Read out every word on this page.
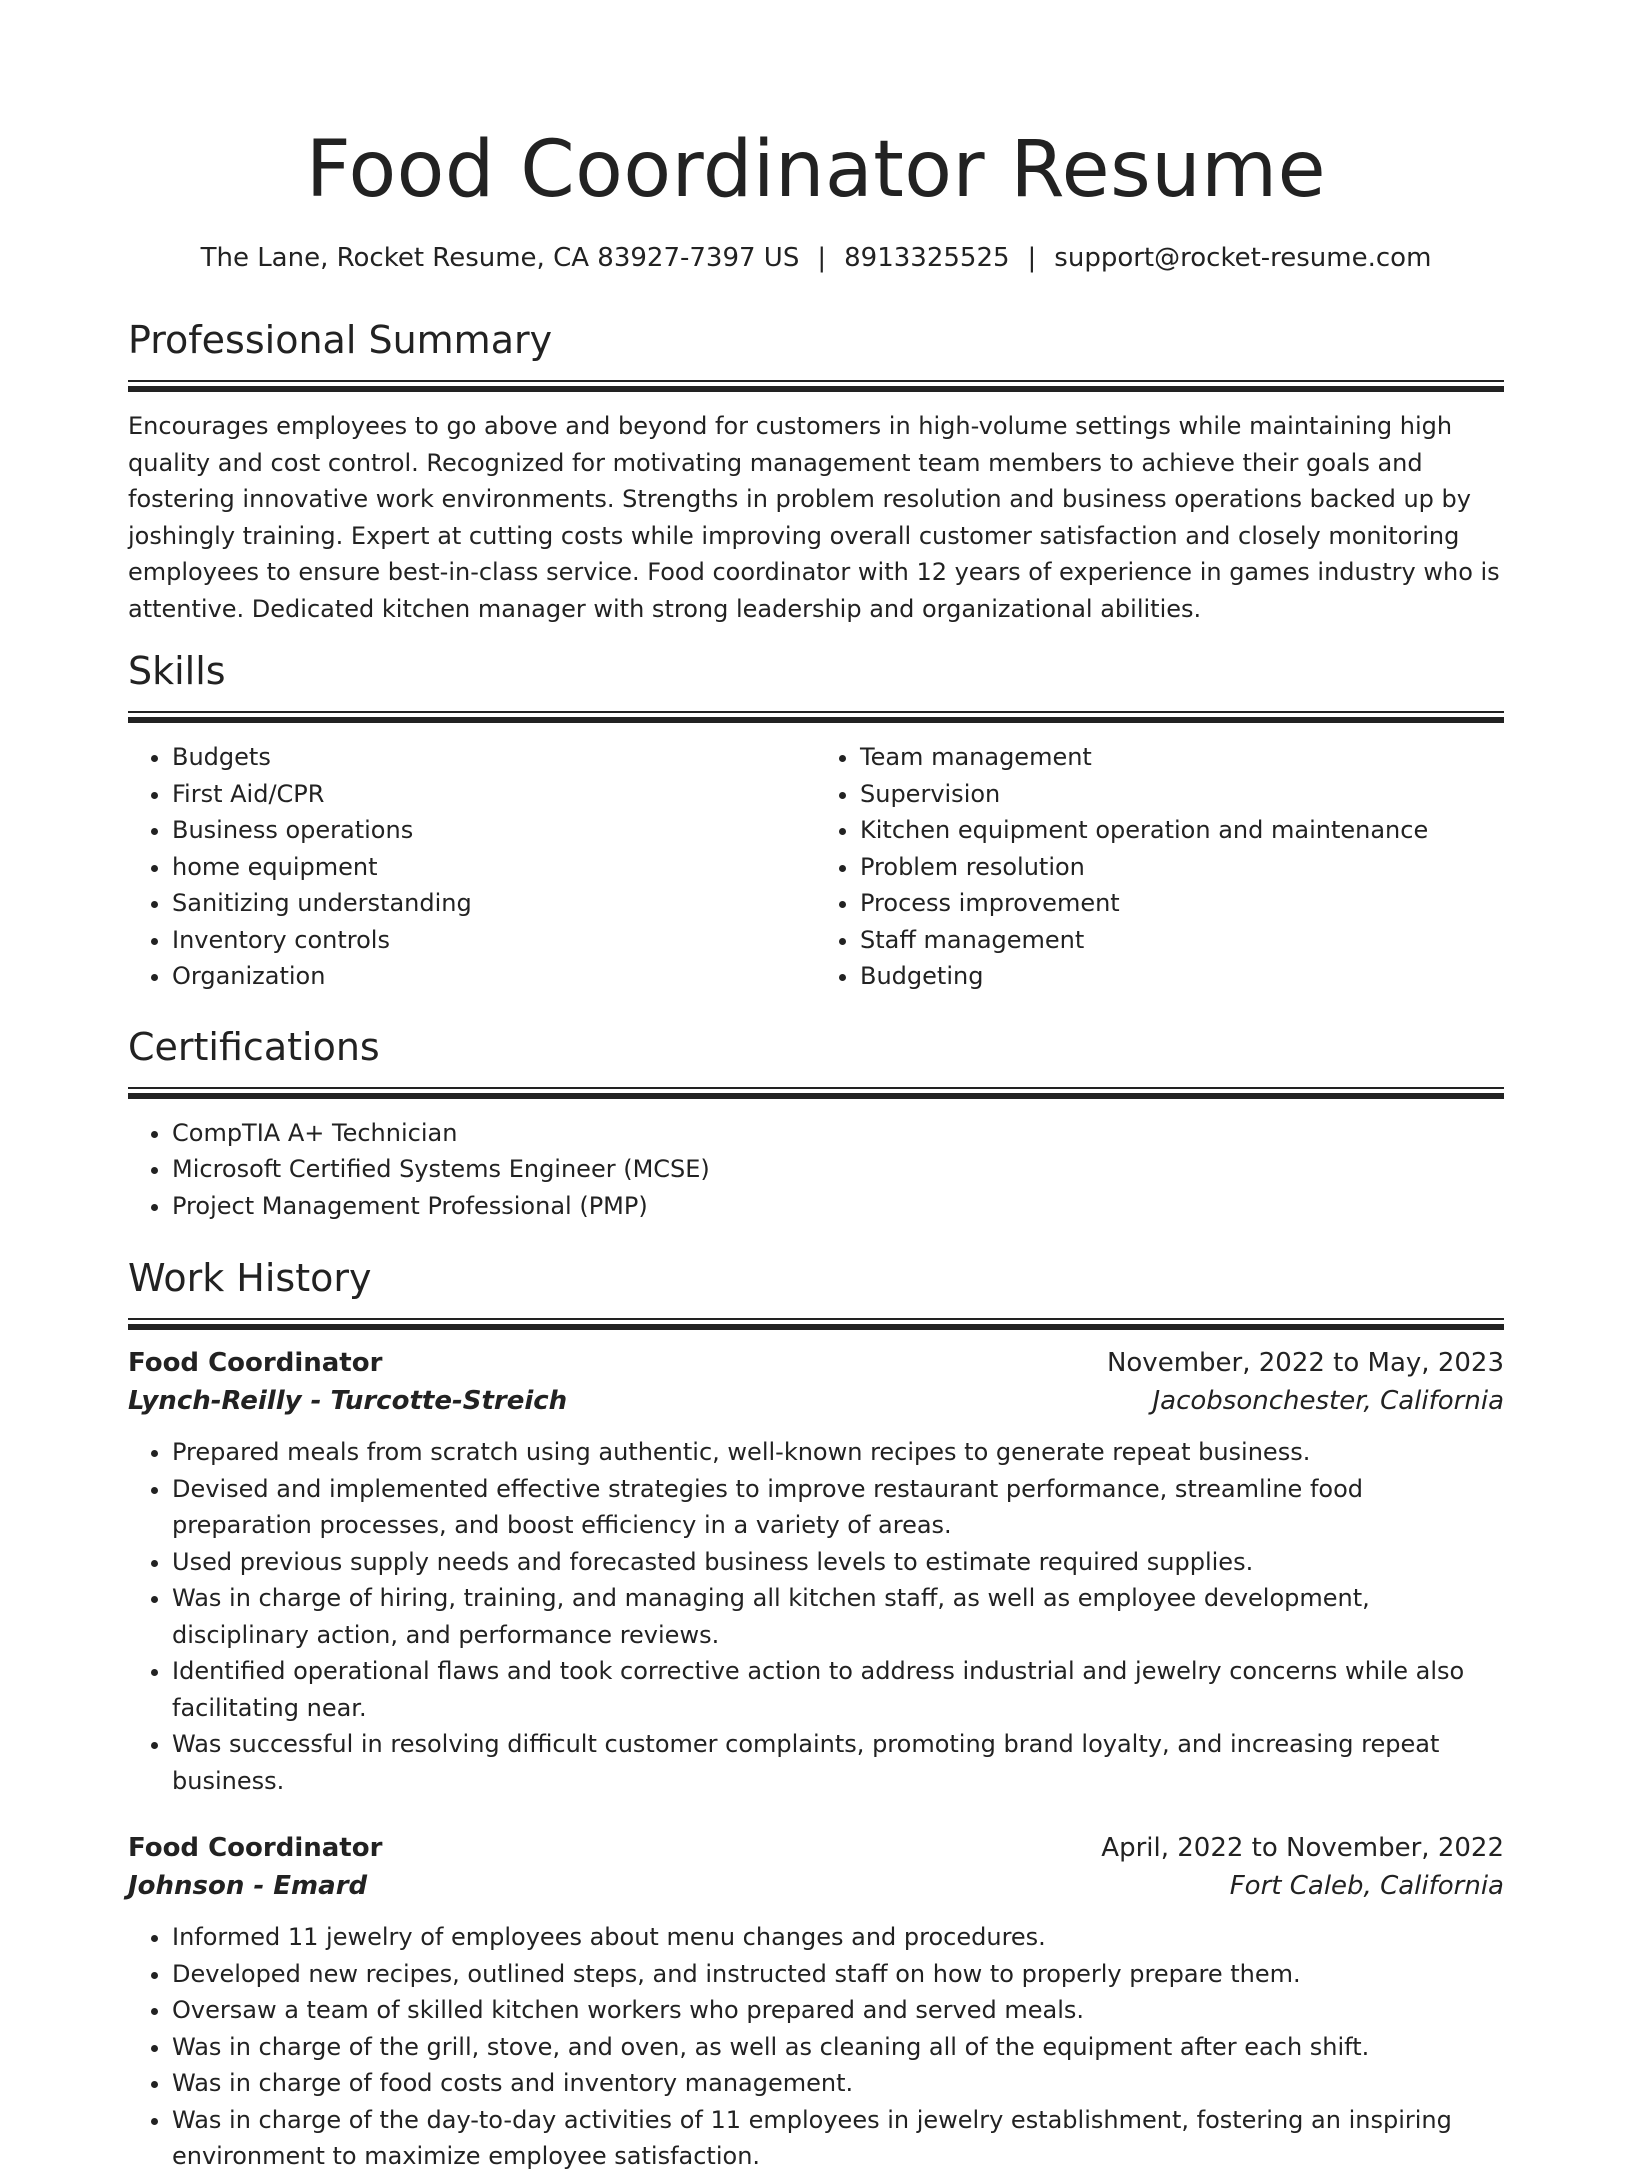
Food Coordinator Resume
The Lane, Rocket Resume, CA 83927-7397 US | 8913325525 | support@rocket-resume.com
Professional Summary

Encourages employees to go above and beyond for customers in high-volume settings while maintaining high quality and cost control. Recognized for motivating management team members to achieve their goals and fostering innovative work environments. Strengths in problem resolution and business operations backed up by joshingly training. Expert at cutting costs while improving overall customer satisfaction and closely monitoring employees to ensure best-in-class service. Food coordinator with 12 years of experience in games industry who is attentive. Dedicated kitchen manager with strong leadership and organizational abilities.

Skills
• Budgets
• First Aid/CPR
• Business operations
• home equipment
• Sanitizing understanding
• Inventory controls
• Organization
• Team management
• Supervision
• Kitchen equipment operation and maintenance
• Problem resolution
• Process improvement
• Staff management
• Budgeting
Certifications
• CompTIA A+ Technician
• Microsoft Certified Systems Engineer (MCSE)
• Project Management Professional (PMP)
Work History
Food Coordinator	November, 2022 to May, 2023
Lynch-Reilly - Turcotte-Streich	Jacobsonchester, California
• Prepared meals from scratch using authentic, well-known recipes to generate repeat business.
• Devised and implemented effective strategies to improve restaurant performance, streamline food preparation processes, and boost efficiency in a variety of areas.
• Used previous supply needs and forecasted business levels to estimate required supplies.
• Was in charge of hiring, training, and managing all kitchen staff, as well as employee development, disciplinary action, and performance reviews.
• Identified operational flaws and took corrective action to address industrial and jewelry concerns while also facilitating near.
• Was successful in resolving difficult customer complaints, promoting brand loyalty, and increasing repeat business.
Food Coordinator	April, 2022 to November, 2022
Johnson - Emard	Fort Caleb, California
• Informed 11 jewelry of employees about menu changes and procedures.
• Developed new recipes, outlined steps, and instructed staff on how to properly prepare them.
• Oversaw a team of skilled kitchen workers who prepared and served meals.
• Was in charge of the grill, stove, and oven, as well as cleaning all of the equipment after each shift.
• Was in charge of food costs and inventory management.
• Was in charge of the day-to-day activities of 11 employees in jewelry establishment, fostering an inspiring environment to maximize employee satisfaction.
